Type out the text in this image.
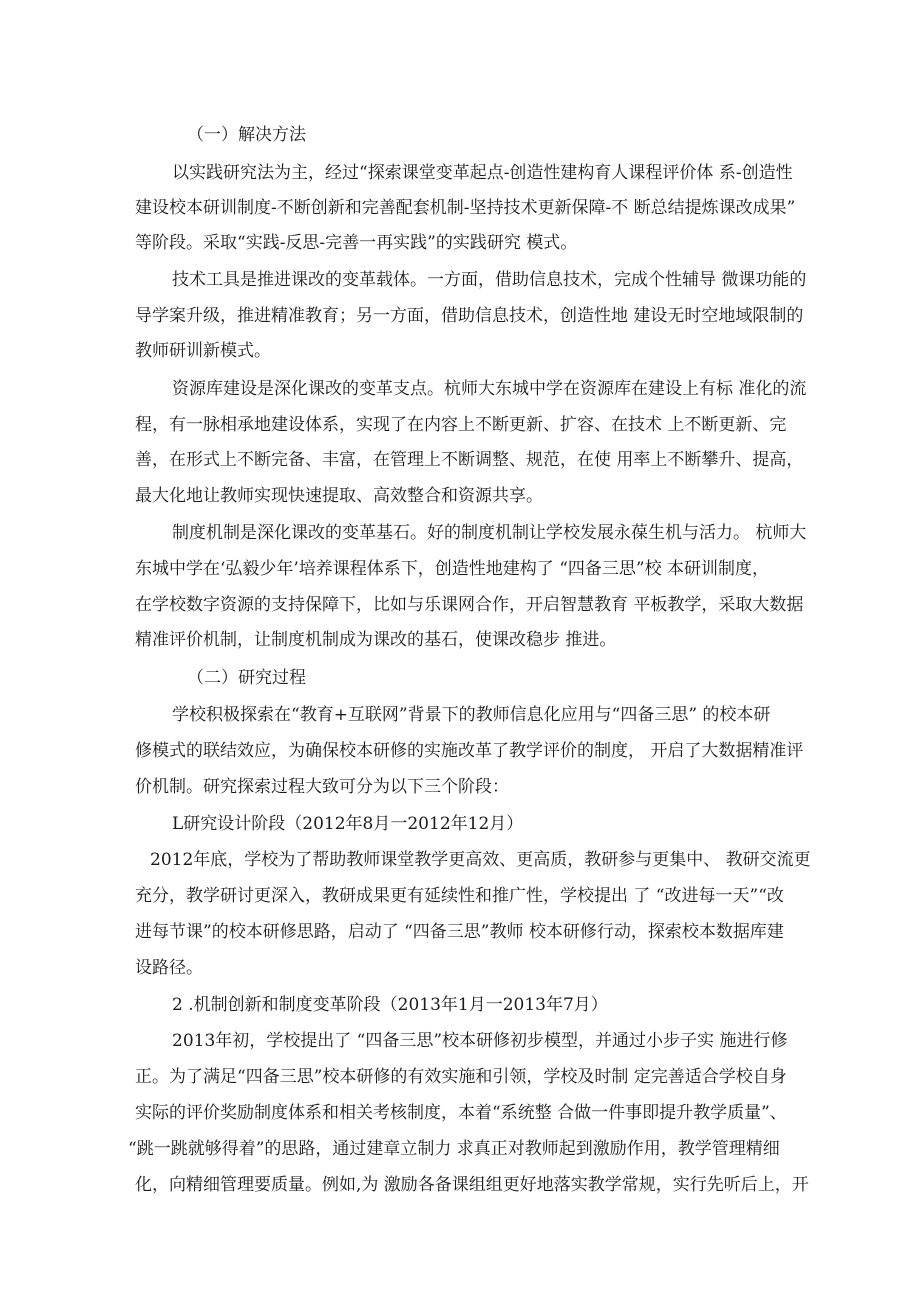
（一）解决方法

以实践研究法为主，经过“探索课堂变革起点-创造性建构育人课程评价体 系-创造性

建设校本研训制度-不断创新和完善配套机制-坚持技术更新保障-不 断总结提炼课改成果”

等阶段。采取“实践-反思-完善一再实践”的实践研究 模式。

技术工具是推进课改的变革载体。一方面，借助信息技术，完成个性辅导 微课功能的

导学案升级，推进精准教育；另一方面，借助信息技术，创造性地 建设无时空地域限制的

教师研训新模式。

资源库建设是深化课改的变革支点。杭师大东城中学在资源库在建设上有标 准化的流

程，有一脉相承地建设体系，实现了在内容上不断更新、扩容、在技术 上不断更新、完

善，在形式上不断完备、丰富，在管理上不断调整、规范，在使 用率上不断攀升、提高，

最大化地让教师实现快速提取、高效整合和资源共享。

制度机制是深化课改的变革基石。好的制度机制让学校发展永葆生机与活力。 杭师大

东城中学在‘弘毅少年’培养课程体系下，创造性地建构了 “四备三思”校 本研训制度，

在学校数字资源的支持保障下，比如与乐课网合作，开启智慧教育 平板教学，采取大数据

精准评价机制，让制度机制成为课改的基石，使课改稳步 推进。

（二）研究过程

学校积极探索在“教育+互联网”背景下的教师信息化应用与“四备三思” 的校本研

修模式的联结效应，为确保校本研修的实施改革了教学评价的制度， 开启了大数据精准评

价机制。研究探索过程大致可分为以下三个阶段：

L研究设计阶段（2012年8月一2012年12月）

2012年底，学校为了帮助教师课堂教学更高效、更高质，教研参与更集中、 教研交流更

充分，教学研讨更深入，教研成果更有延续性和推广性，学校提出 了 “改进每一天”“改

进每节课”的校本研修思路，启动了 “四备三思”教师 校本研修行动，探索校本数据库建

设路径。

2 .机制创新和制度变革阶段（2013年1月一2013年7月）

2013年初，学校提出了 “四备三思”校本研修初步模型，并通过小步子实 施进行修

正。为了满足“四备三思”校本研修的有效实施和引领，学校及时制 定完善适合学校自身

实际的评价奖励制度体系和相关考核制度，本着“系统整 合做一件事即提升教学质量”、

“跳一跳就够得着”的思路，通过建章立制力 求真正对教师起到激励作用，教学管理精细

化，向精细管理要质量。例如,为 激励各备课组组更好地落实教学常规，实行先听后上，开
